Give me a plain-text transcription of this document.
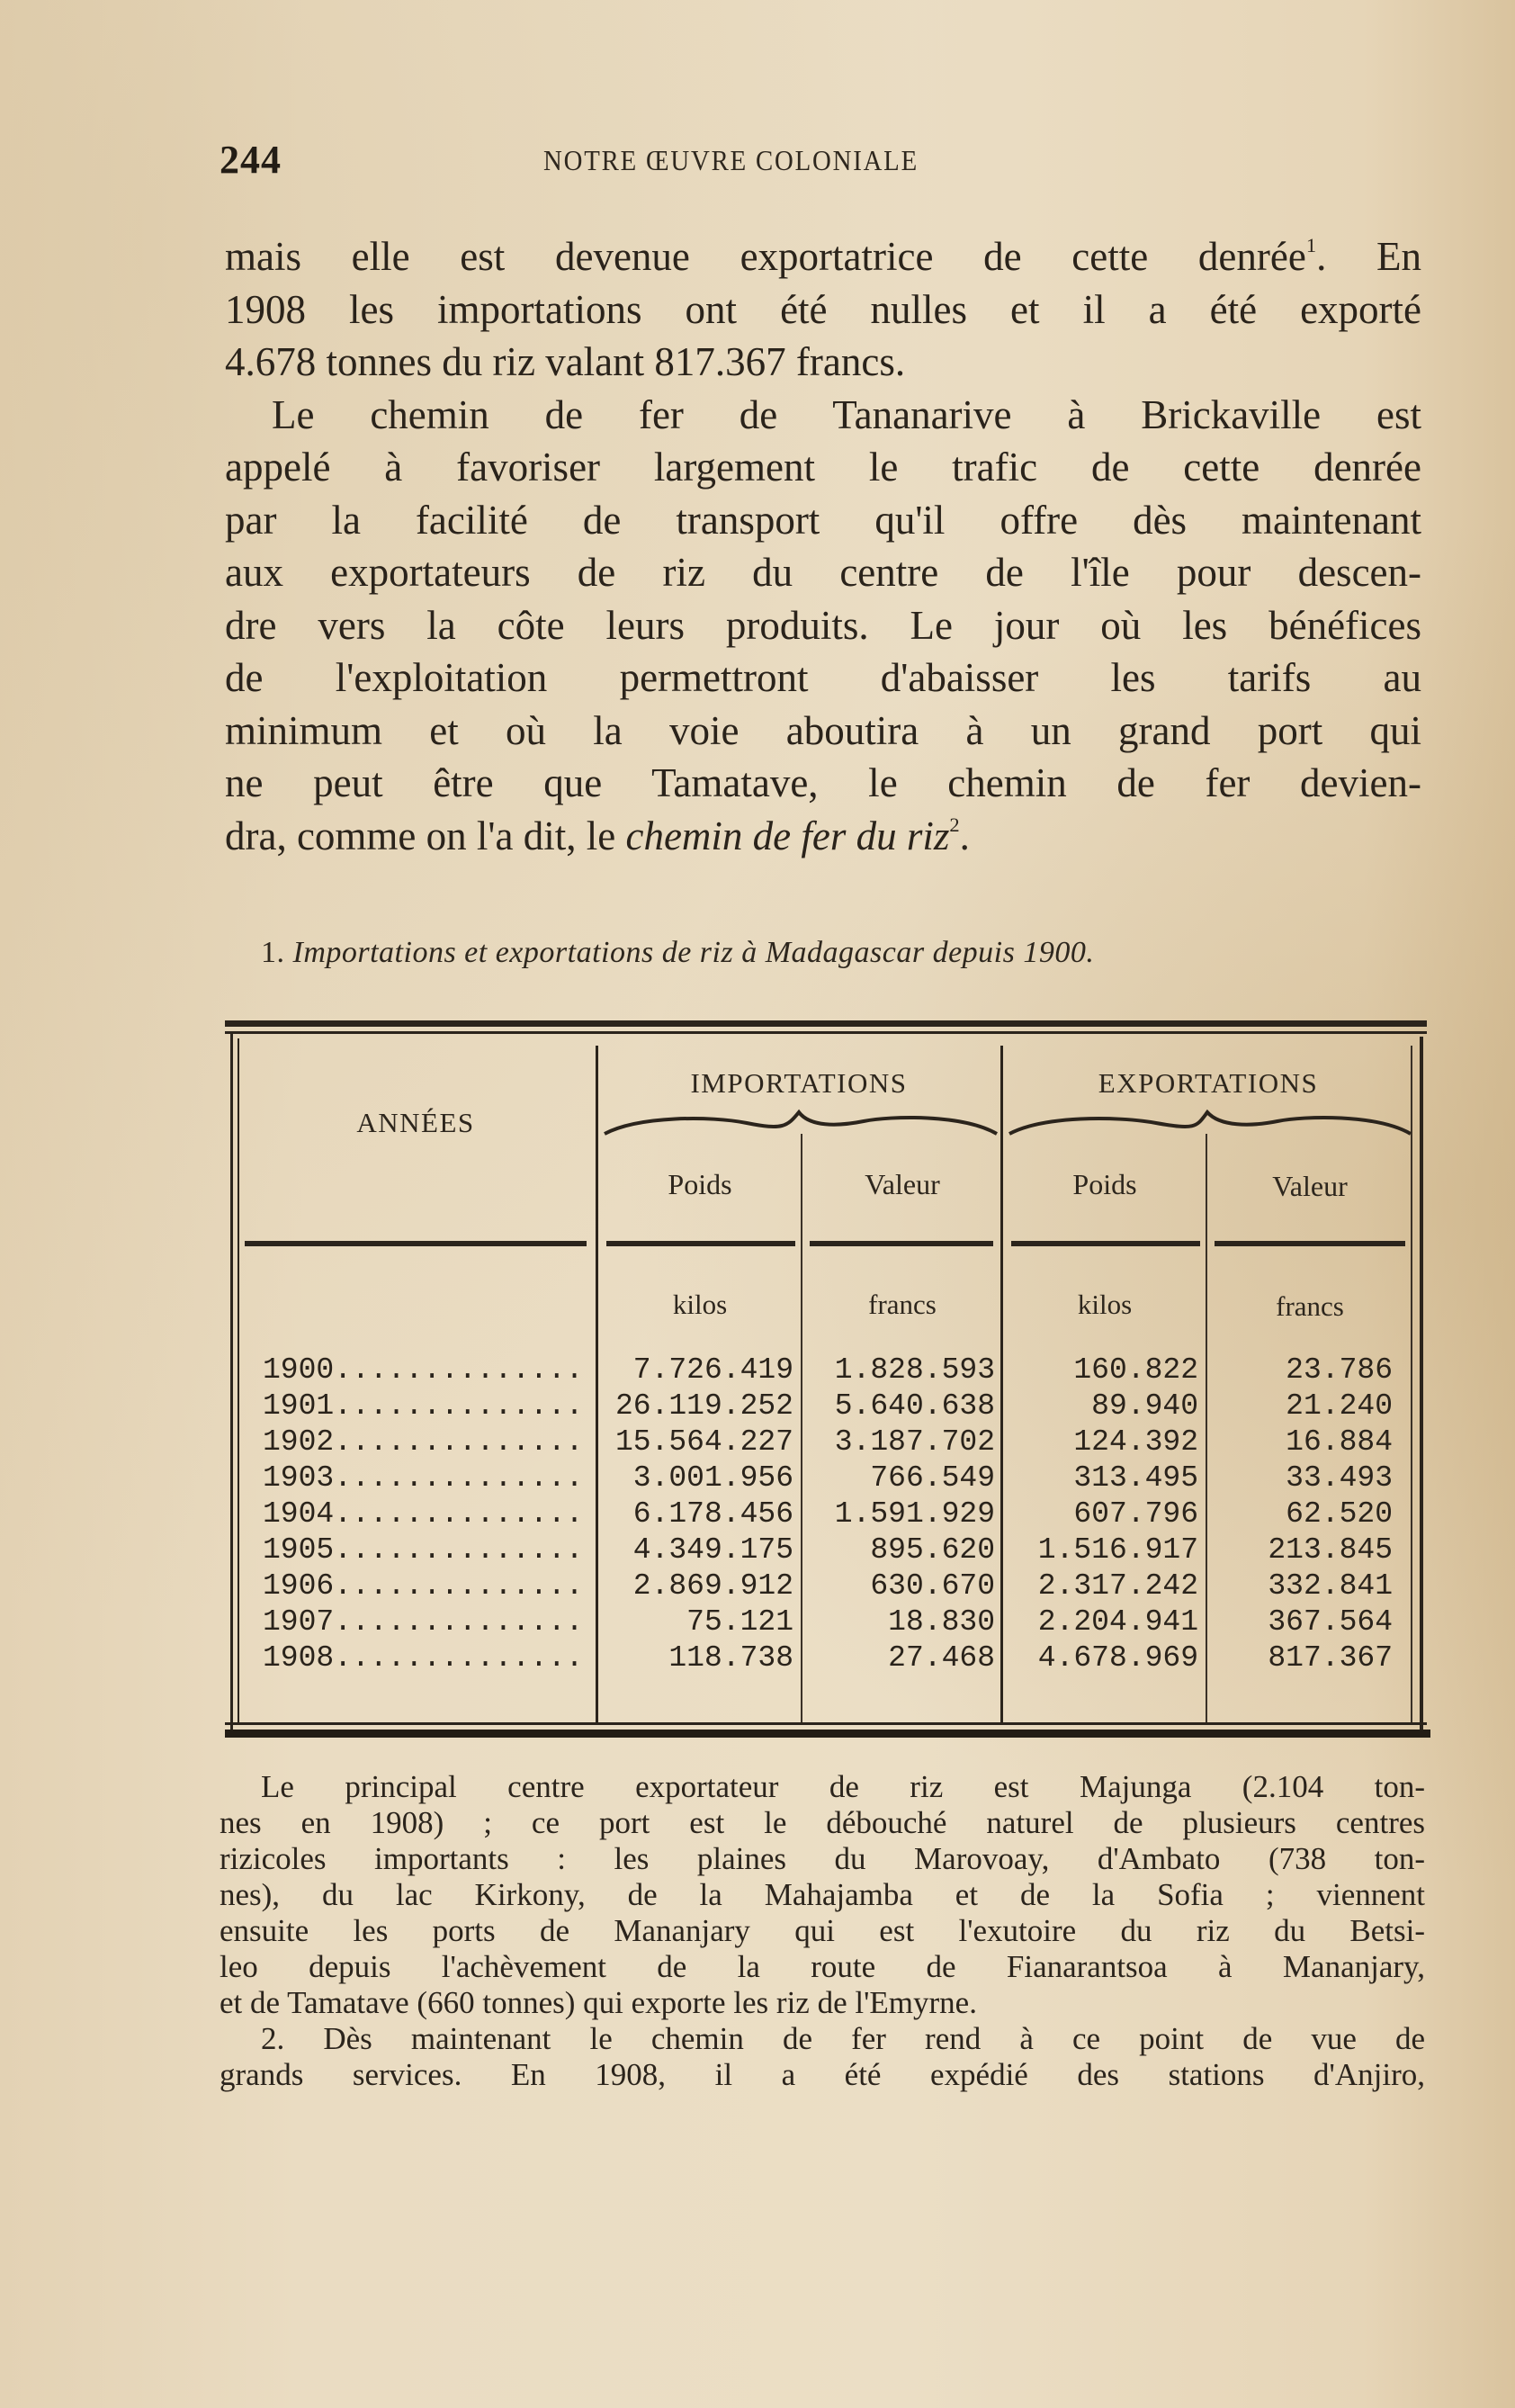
244	NOTRE ŒUVRE COLONIALE
mais elle est devenue exportatrice de cette denrée$^1$. En
1908 les importations ont été nulles et il a été exporté
4.678 tonnes du riz valant 817.367 francs.
Le chemin de fer de Tananarive à Brickaville est
appelé à favoriser largement le trafic de cette denrée
par la facilité de transport qu'il offre dès maintenant
aux exportateurs de riz du centre de l'île pour descen-
dre vers la côte leurs produits. Le jour où les bénéfices
de l'exploitation permettront d'abaisser les tarifs au
minimum et où la voie aboutira à un grand port qui
ne peut être que Tamatave, le chemin de fer devien-
dra, comme on l'a dit, le chemin de fer du riz$^2$.
1. Importations et exportations de riz à Madagascar depuis 1900.
ANNÉES
IMPORTATIONS	EXPORTATIONS
Poids	Valeur	Poids	Valeur
kilos	francs	kilos	francs
1900..............	7.726.419	1.828.593	160.822	23.786
1901..............	26.119.252	5.640.638	89.940	21.240
1902..............	15.564.227	3.187.702	124.392	16.884
1903..............	3.001.956	766.549	313.495	33.493
1904..............	6.178.456	1.591.929	607.796	62.520
1905..............	4.349.175	895.620	1.516.917	213.845
1906..............	2.869.912	630.670	2.317.242	332.841
1907..............	75.121	18.830	2.204.941	367.564
1908..............	118.738	27.468	4.678.969	817.367
Le principal centre exportateur de riz est Majunga (2.104 ton-
nes en 1908) ; ce port est le débouché naturel de plusieurs centres
rizicoles importants : les plaines du Marovoay, d'Ambato (738 ton-
nes), du lac Kirkony, de la Mahajamba et de la Sofia ; viennent
ensuite les ports de Mananjary qui est l'exutoire du riz du Betsi-
leo depuis l'achèvement de la route de Fianarantsoa à Mananjary,
et de Tamatave (660 tonnes) qui exporte les riz de l'Emyrne.
2. Dès maintenant le chemin de fer rend à ce point de vue de
grands services. En 1908, il a été expédié des stations d'Anjiro,
